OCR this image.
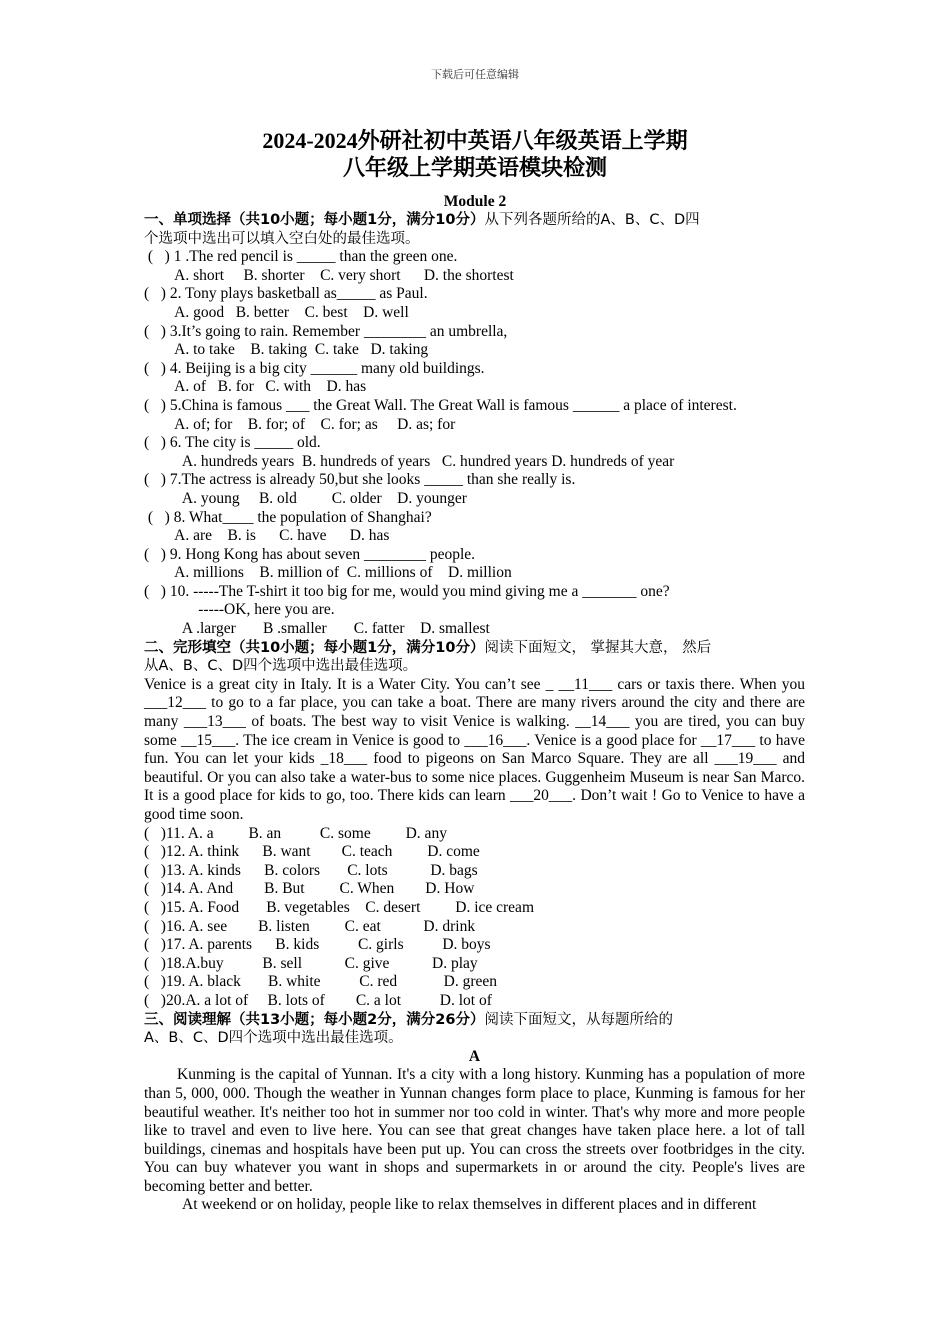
下载后可任意编辑
2024-2024外研社初中英语八年级英语上学期
八年级上学期英语模块检测
Module 2
一、单项选择（共10小题；每小题1分，满分10分）从下列各题所给的A、B、C、D四
个选项中选出可以填入空白处的最佳选项。
(   ) 1 .The red pencil is _____ than the green one.
A. short     B. shorter    C. very short      D. the shortest
(   ) 2. Tony plays basketball as_____ as Paul.
A. good   B. better    C. best    D. well
(   ) 3.It’s going to rain. Remember ________ an umbrella,
A. to take    B. taking  C. take   D. taking
(   ) 4. Beijing is a big city ______ many old buildings.
A. of   B. for   C. with    D. has
(   ) 5.China is famous ___ the Great Wall. The Great Wall is famous ______ a place of interest.
A. of; for    B. for; of    C. for; as     D. as; for
(   ) 6. The city is _____ old.
A. hundreds years  B. hundreds of years   C. hundred years D. hundreds of year
(   ) 7.The actress is already 50,but she looks _____ than she really is.
A. young     B. old         C. older    D. younger
(   ) 8. What____ the population of Shanghai?
A. are    B. is      C. have      D. has
(   ) 9. Hong Kong has about seven ________ people.
A. millions    B. million of  C. millions of    D. million
(   ) 10. -----The T-shirt it too big for me, would you mind giving me a _______ one?
-----OK, here you are.
A .larger       B .smaller       C. fatter    D. smallest
二、完形填空（共10小题；每小题1分，满分10分）阅读下面短文， 掌握其大意， 然后
从A、B、C、D四个选项中选出最佳选项。
Venice is a great city in Italy. It is a Water City. You can’t see _ __11___ cars or taxis there. When you ___12___ to go to a far place, you can take a boat. There are many rivers around the city and there are many ___13___ of boats. The best way to visit Venice is walking. __14___ you are tired, you can buy some __15___. The ice cream in Venice is good to ___16___. Venice is a good place for __17___ to have fun. You can let your kids _18___ food to pigeons on San Marco Square. They are all ___19___ and beautiful. Or you can also take a water-bus to some nice places. Guggenheim Museum is near San Marco. It is a good place for kids to go, too. There kids can learn ___20___. Don’t wait ! Go to Venice to have a good time soon.
(   )11. A. a         B. an          C. some         D. any
(   )12. A. think      B. want        C. teach         D. come
(   )13. A. kinds      B. colors       C. lots           D. bags
(   )14. A. And        B. But         C. When        D. How
(   )15. A. Food       B. vegetables    C. desert         D. ice cream
(   )16. A. see        B. listen         C. eat           D. drink
(   )17. A. parents      B. kids          C. girls          D. boys
(   )18.A.buy          B. sell           C. give           D. play
(   )19. A. black       B. white          C. red            D. green
(   )20.A. a lot of     B. lots of        C. a lot          D. lot of
三、阅读理解（共13小题；每小题2分，满分26分）阅读下面短文，从每题所给的
A、B、C、D四个选项中选出最佳选项。
A
Kunming is the capital of Yunnan. It's a city with a long history. Kunming has a population of more than 5, 000, 000. Though the weather in Yunnan changes form place to place, Kunming is famous for her beautiful weather. It's neither too hot in summer nor too cold in winter. That's why more and more people like to travel and even to live here. You can see that great changes have taken place here. a lot of tall buildings, cinemas and hospitals have been put up. You can cross the streets over footbridges in the city. You can buy whatever you want in shops and supermarkets in or around the city. People's lives are becoming better and better.
At weekend or on holiday, people like to relax themselves in different places and in different
